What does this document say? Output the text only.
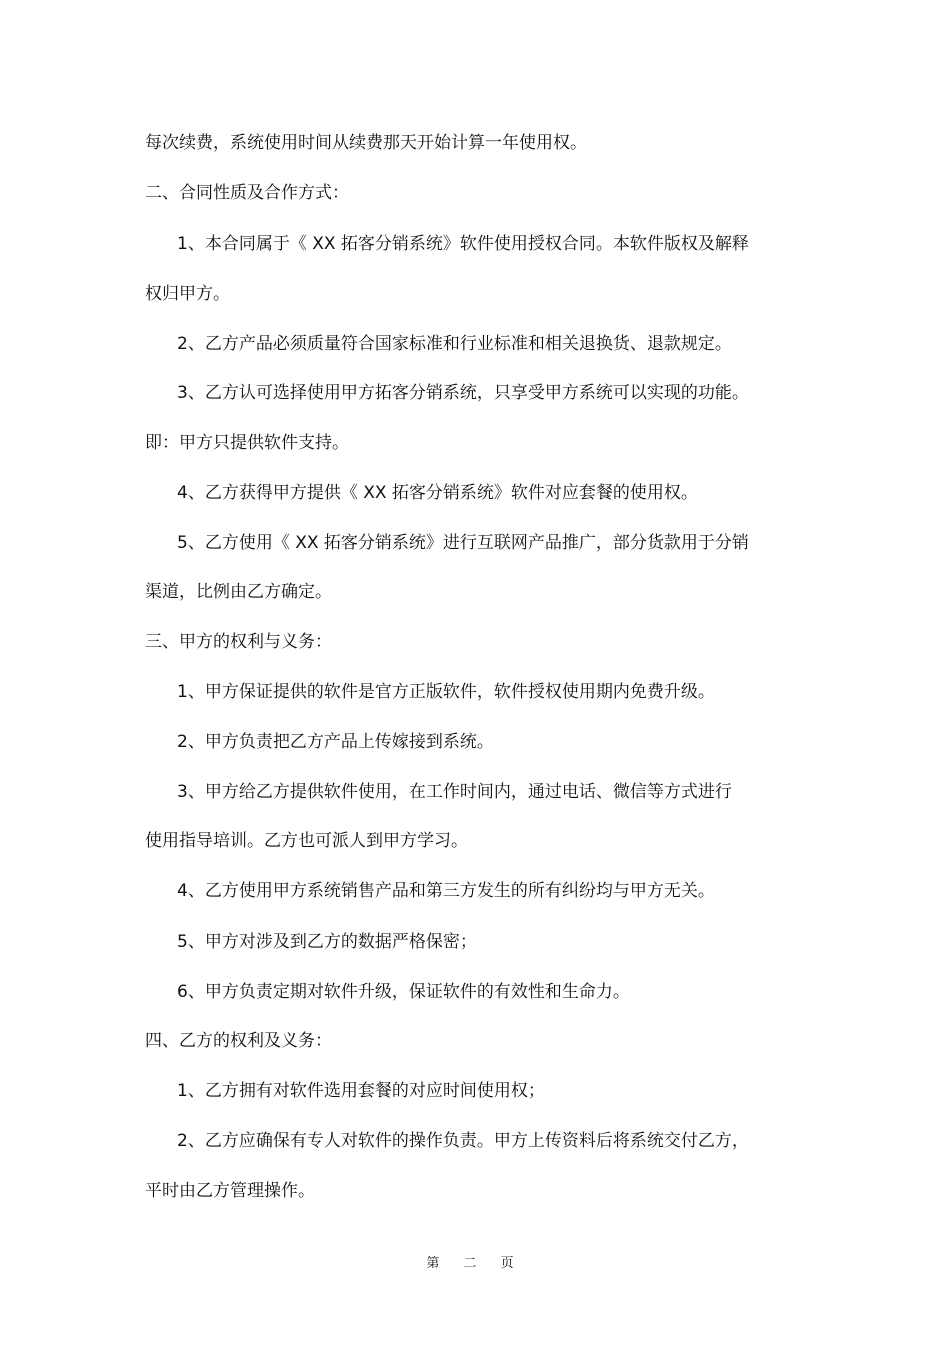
每次续费，系统使用时间从续费那天开始计算一年使用权。
二、合同性质及合作方式：
1、本合同属于《 XX 拓客分销系统》软件使用授权合同。本软件版权及解释
权归甲方。
2、乙方产品必须质量符合国家标准和行业标准和相关退换货、退款规定。
3、乙方认可选择使用甲方拓客分销系统，只享受甲方系统可以实现的功能。
即：甲方只提供软件支持。
4、乙方获得甲方提供《 XX 拓客分销系统》软件对应套餐的使用权。
5、乙方使用《 XX 拓客分销系统》进行互联网产品推广，部分货款用于分销
渠道，比例由乙方确定。
三、甲方的权利与义务：
1、甲方保证提供的软件是官方正版软件，软件授权使用期内免费升级。
2、甲方负责把乙方产品上传嫁接到系统。
3、甲方给乙方提供软件使用，在工作时间内，通过电话、微信等方式进行
使用指导培训。乙方也可派人到甲方学习。
4、乙方使用甲方系统销售产品和第三方发生的所有纠纷均与甲方无关。
5、甲方对涉及到乙方的数据严格保密；
6、甲方负责定期对软件升级，保证软件的有效性和生命力。
四、乙方的权利及义务：
1、乙方拥有对软件选用套餐的对应时间使用权；
2、乙方应确保有专人对软件的操作负责。甲方上传资料后将系统交付乙方，
平时由乙方管理操作。
第 二 页
